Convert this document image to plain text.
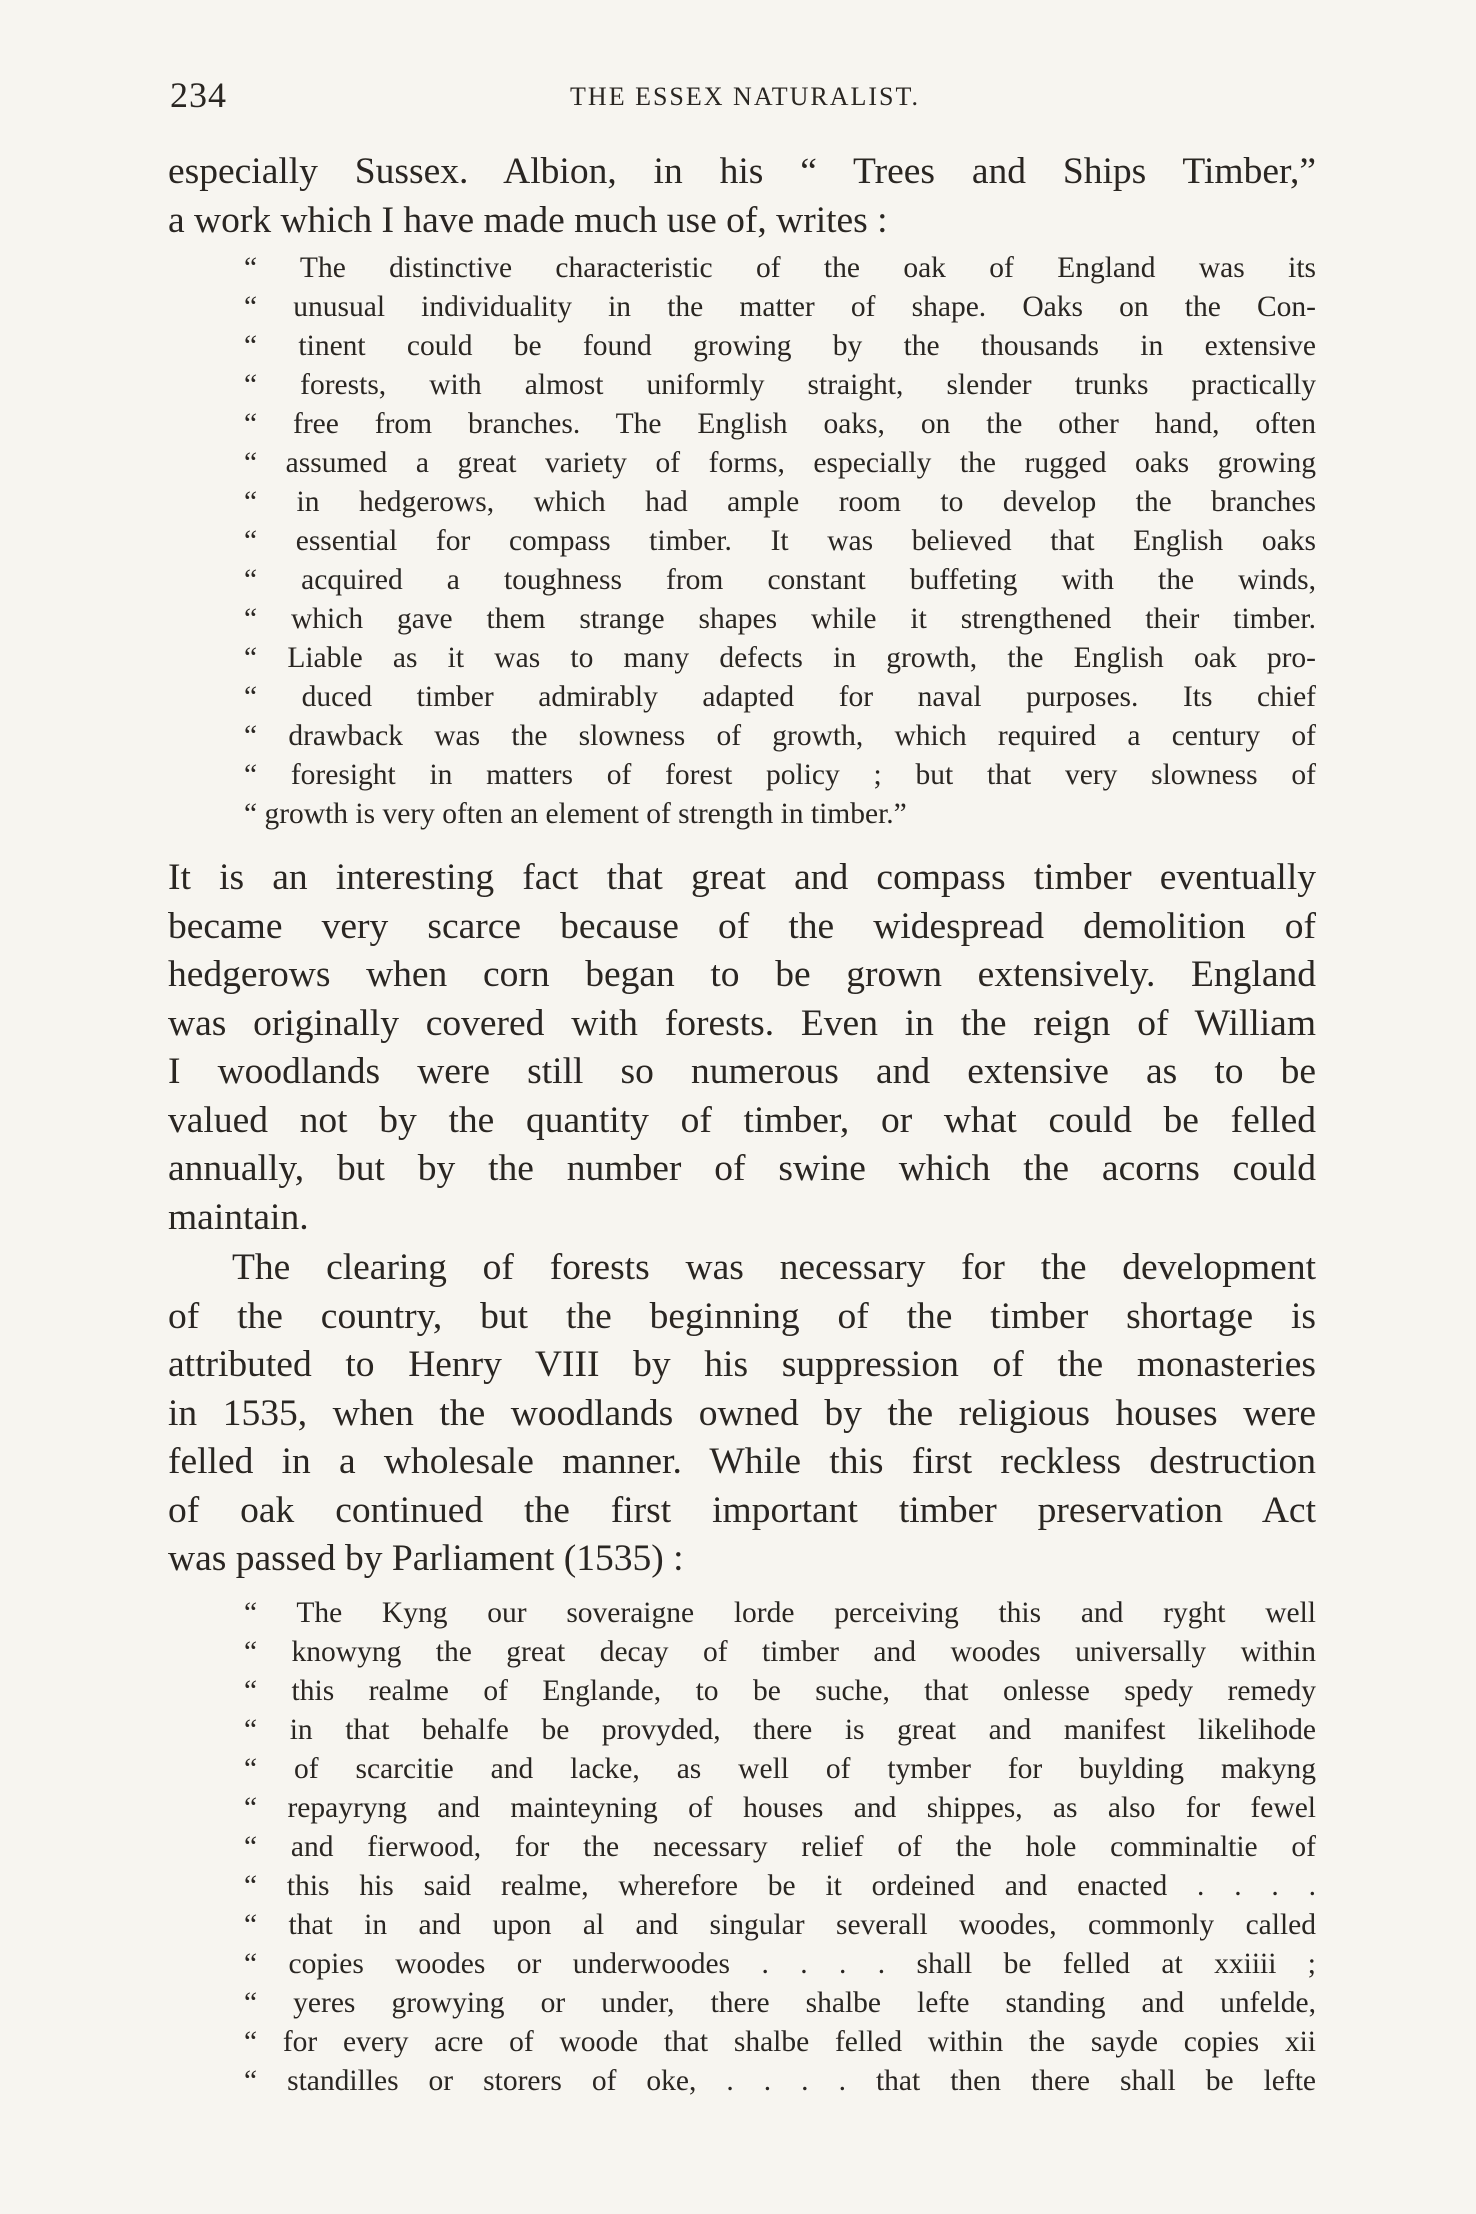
234	THE ESSEX NATURALIST.
especially Sussex. Albion, in his “ Trees and Ships Timber,”
a work which I have made much use of, writes :
“ The distinctive characteristic of the oak of England was its
“ unusual individuality in the matter of shape. Oaks on the Con-
“ tinent could be found growing by the thousands in extensive
“ forests, with almost uniformly straight, slender trunks practically
“ free from branches. The English oaks, on the other hand, often
“ assumed a great variety of forms, especially the rugged oaks growing
“ in hedgerows, which had ample room to develop the branches
“ essential for compass timber. It was believed that English oaks
“ acquired a toughness from constant buffeting with the winds,
“ which gave them strange shapes while it strengthened their timber.
“ Liable as it was to many defects in growth, the English oak pro-
“ duced timber admirably adapted for naval purposes. Its chief
“ drawback was the slowness of growth, which required a century of
“ foresight in matters of forest policy ; but that very slowness of
“ growth is very often an element of strength in timber.”
It is an interesting fact that great and compass timber eventually
became very scarce because of the widespread demolition of
hedgerows when corn began to be grown extensively. England
was originally covered with forests. Even in the reign of William
I woodlands were still so numerous and extensive as to be
valued not by the quantity of timber, or what could be felled
annually, but by the number of swine which the acorns could
maintain.
The clearing of forests was necessary for the development
of the country, but the beginning of the timber shortage is
attributed to Henry VIII by his suppression of the monasteries
in 1535, when the woodlands owned by the religious houses were
felled in a wholesale manner. While this first reckless destruction
of oak continued the first important timber preservation Act
was passed by Parliament (1535) :
“ The Kyng our soveraigne lorde perceiving this and ryght well
“ knowyng the great decay of timber and woodes universally within
“ this realme of Englande, to be suche, that onlesse spedy remedy
“ in that behalfe be provyded, there is great and manifest likelihode
“ of scarcitie and lacke, as well of tymber for buylding makyng
“ repayryng and mainteyning of houses and shippes, as also for fewel
“ and fierwood, for the necessary relief of the hole comminaltie of
“ this his said realme, wherefore be it ordeined and enacted . . . .
“ that in and upon al and singular severall woodes, commonly called
“ copies woodes or underwoodes . . . . shall be felled at xxiiii ;
“ yeres growying or under, there shalbe lefte standing and unfelde,
“ for every acre of woode that shalbe felled within the sayde copies xii
“ standilles or storers of oke, . . . . that then there shall be lefte
